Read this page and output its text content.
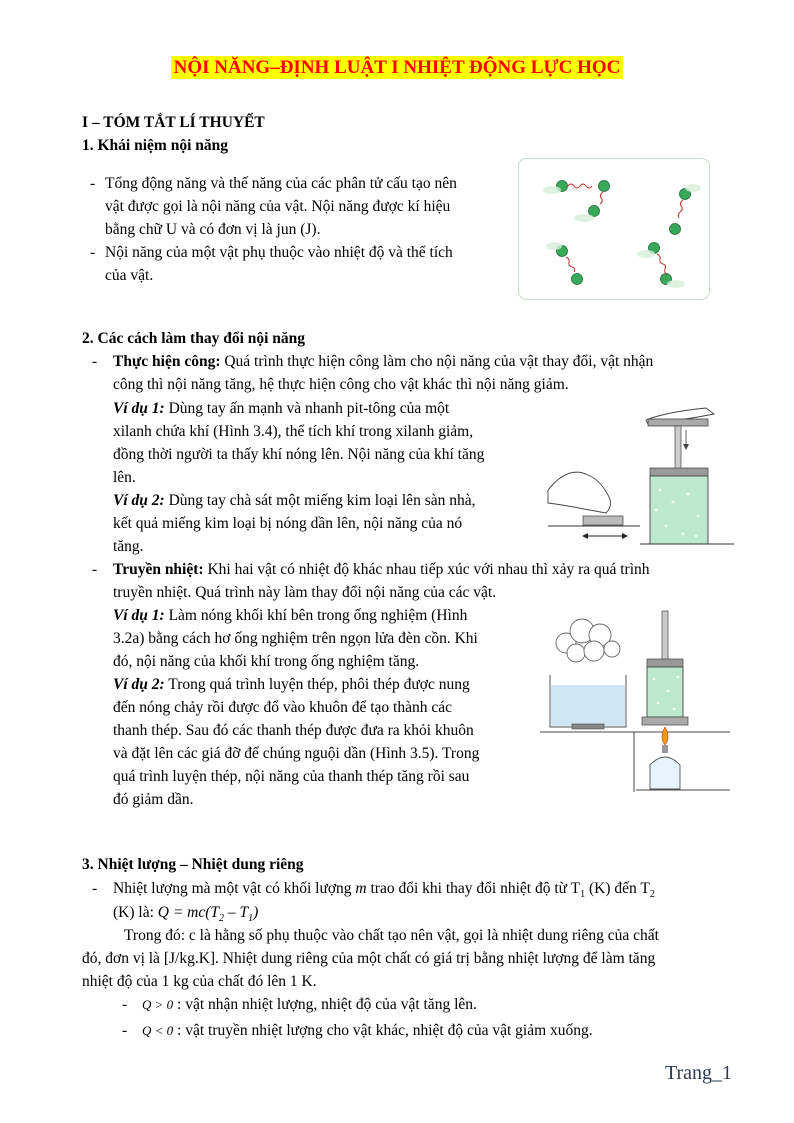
NỘI NĂNG–ĐỊNH LUẬT I NHIỆT ĐỘNG LỰC HỌC
I – TÓM TẮT LÍ THUYẾT
1. Khái niệm nội năng
- Tổng động năng và thế năng của các phân tử cấu tạo nên
vật được gọi là nội năng của vật. Nội năng được kí hiệu
bằng chữ U và có đơn vị là jun (J).
- Nội năng của một vật phụ thuộc vào nhiệt độ và thể tích
của vật.
2. Các cách làm thay đổi nội năng
- Thực hiện công: Quá trình thực hiện công làm cho nội năng của vật thay đổi, vật nhận
công thì nội năng tăng, hệ thực hiện công cho vật khác thì nội năng giảm.
Ví dụ 1: Dùng tay ấn mạnh và nhanh pit-tông của một
xilanh chứa khí (Hình 3.4), thể tích khí trong xilanh giảm,
đồng thời người ta thấy khí nóng lên. Nội năng của khí tăng
lên.
Ví dụ 2: Dùng tay chà sát một miếng kim loại lên sàn nhà,
kết quả miếng kim loại bị nóng dần lên, nội năng của nó
tăng.
- Truyền nhiệt: Khi hai vật có nhiệt độ khác nhau tiếp xúc với nhau thì xảy ra quá trình
truyền nhiệt. Quá trình này làm thay đổi nội năng của các vật.
Ví dụ 1: Làm nóng khối khí bên trong ống nghiệm (Hình
3.2a) bằng cách hơ ống nghiệm trên ngọn lửa đèn cồn. Khi
đó, nội năng của khối khí trong ống nghiệm tăng.
Ví dụ 2: Trong quá trình luyện thép, phôi thép được nung
đến nóng chảy rồi được đổ vào khuôn để tạo thành các
thanh thép. Sau đó các thanh thép được đưa ra khỏi khuôn
và đặt lên các giá đỡ để chúng nguội dần (Hình 3.5). Trong
quá trình luyện thép, nội năng của thanh thép tăng rồi sau
đó giảm dần.
3. Nhiệt lượng – Nhiệt dung riêng
- Nhiệt lượng mà một vật có khối lượng m trao đổi khi thay đổi nhiệt độ từ $T_1$ (K) đến $T_2$
(K) là: $Q = mc(T_2 - T_1)$
Trong đó: c là hằng số phụ thuộc vào chất tạo nên vật, gọi là nhiệt dung riêng của chất
đó, đơn vị là [J/kg.K]. Nhiệt dung riêng của một chất có giá trị bằng nhiệt lượng để làm tăng
nhiệt độ của 1 kg của chất đó lên 1 K.
- Q > 0 : vật nhận nhiệt lượng, nhiệt độ của vật tăng lên.
- Q < 0 : vật truyền nhiệt lượng cho vật khác, nhiệt độ của vật giảm xuống.
Trang_1
